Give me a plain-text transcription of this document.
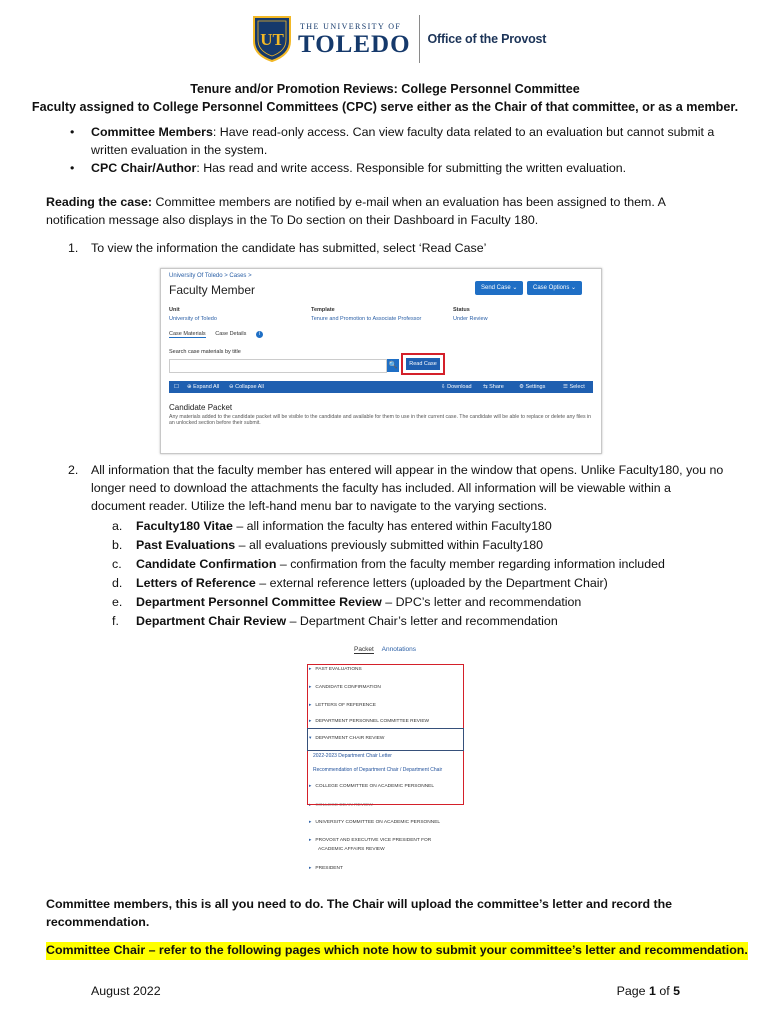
UT
THE UNIVERSITY OF
TOLEDO Office of the Provost
Tenure and/or Promotion Reviews: College Personnel Committee
Faculty assigned to College Personnel Committees (CPC) serve either as the Chair of that committee, or as a member.
• Committee Members: Have read-only access. Can view faculty data related to an evaluation but cannot submit a written evaluation in the system.
• CPC Chair/Author: Has read and write access. Responsible for submitting the written evaluation.
Reading the case: Committee members are notified by e-mail when an evaluation has been assigned to them. A notification message also displays in the To Do section on their Dashboard in Faculty 180.
1.	To view the information the candidate has submitted, select ‘Read Case’
University Of Toledo > Cases >
Faculty Member	Send Case ⌄	Case Options ⌄
Unit
University of Toledo
Template
Tenure and Promotion to Associate Professor
Status
Under Review
Case Materials Case Details i
Search case materials by title
🔍	Read Case
☐ ⊕ Expand All ⊖ Collapse All	⇩ Download ⇆ Share	⚙ Settings	☰ Select
Candidate Packet
Any materials added to the candidate packet will be visible to the candidate and available for them to use in their current case. The candidate will be able to replace or delete any files in an unlocked section before their submit.
2.	All information that the faculty member has entered will appear in the window that opens. Unlike Faculty180, you no longer need to download the attachments the faculty has included. All information will be viewable within a document reader. Utilize the left-hand menu bar to navigate to the varying sections.
a. Faculty180 Vitae – all information the faculty has entered within Faculty180
b. Past Evaluations – all evaluations previously submitted within Faculty180
c. Candidate Confirmation – confirmation from the faculty member regarding information included
d. Letters of Reference – external reference letters (uploaded by the Department Chair)
e. Department Personnel Committee Review – DPC’s letter and recommendation
f. Department Chair Review – Department Chair’s letter and recommendation
Packet Annotations
▸ PAST EVALUATIONS
▸ CANDIDATE CONFIRMATION
▸ LETTERS OF REFERENCE
▸ DEPARTMENT PERSONNEL COMMITTEE REVIEW
▾ DEPARTMENT CHAIR REVIEW
2022-2023 Department Chair Letter
Recommendation of Department Chair / Department Chair
▸ COLLEGE COMMITTEE ON ACADEMIC PERSONNEL
▸ COLLEGE DEAN REVIEW
▸ UNIVERSITY COMMITTEE ON ACADEMIC PERSONNEL
▸ PROVOST AND EXECUTIVE VICE PRESIDENT FOR
ACADEMIC AFFAIRS REVIEW
▸ PRESIDENT
Committee members, this is all you need to do. The Chair will upload the committee’s letter and record the recommendation.
Committee Chair – refer to the following pages which note how to submit your committee’s letter and recommendation.
August 2022	Page 1 of 5
